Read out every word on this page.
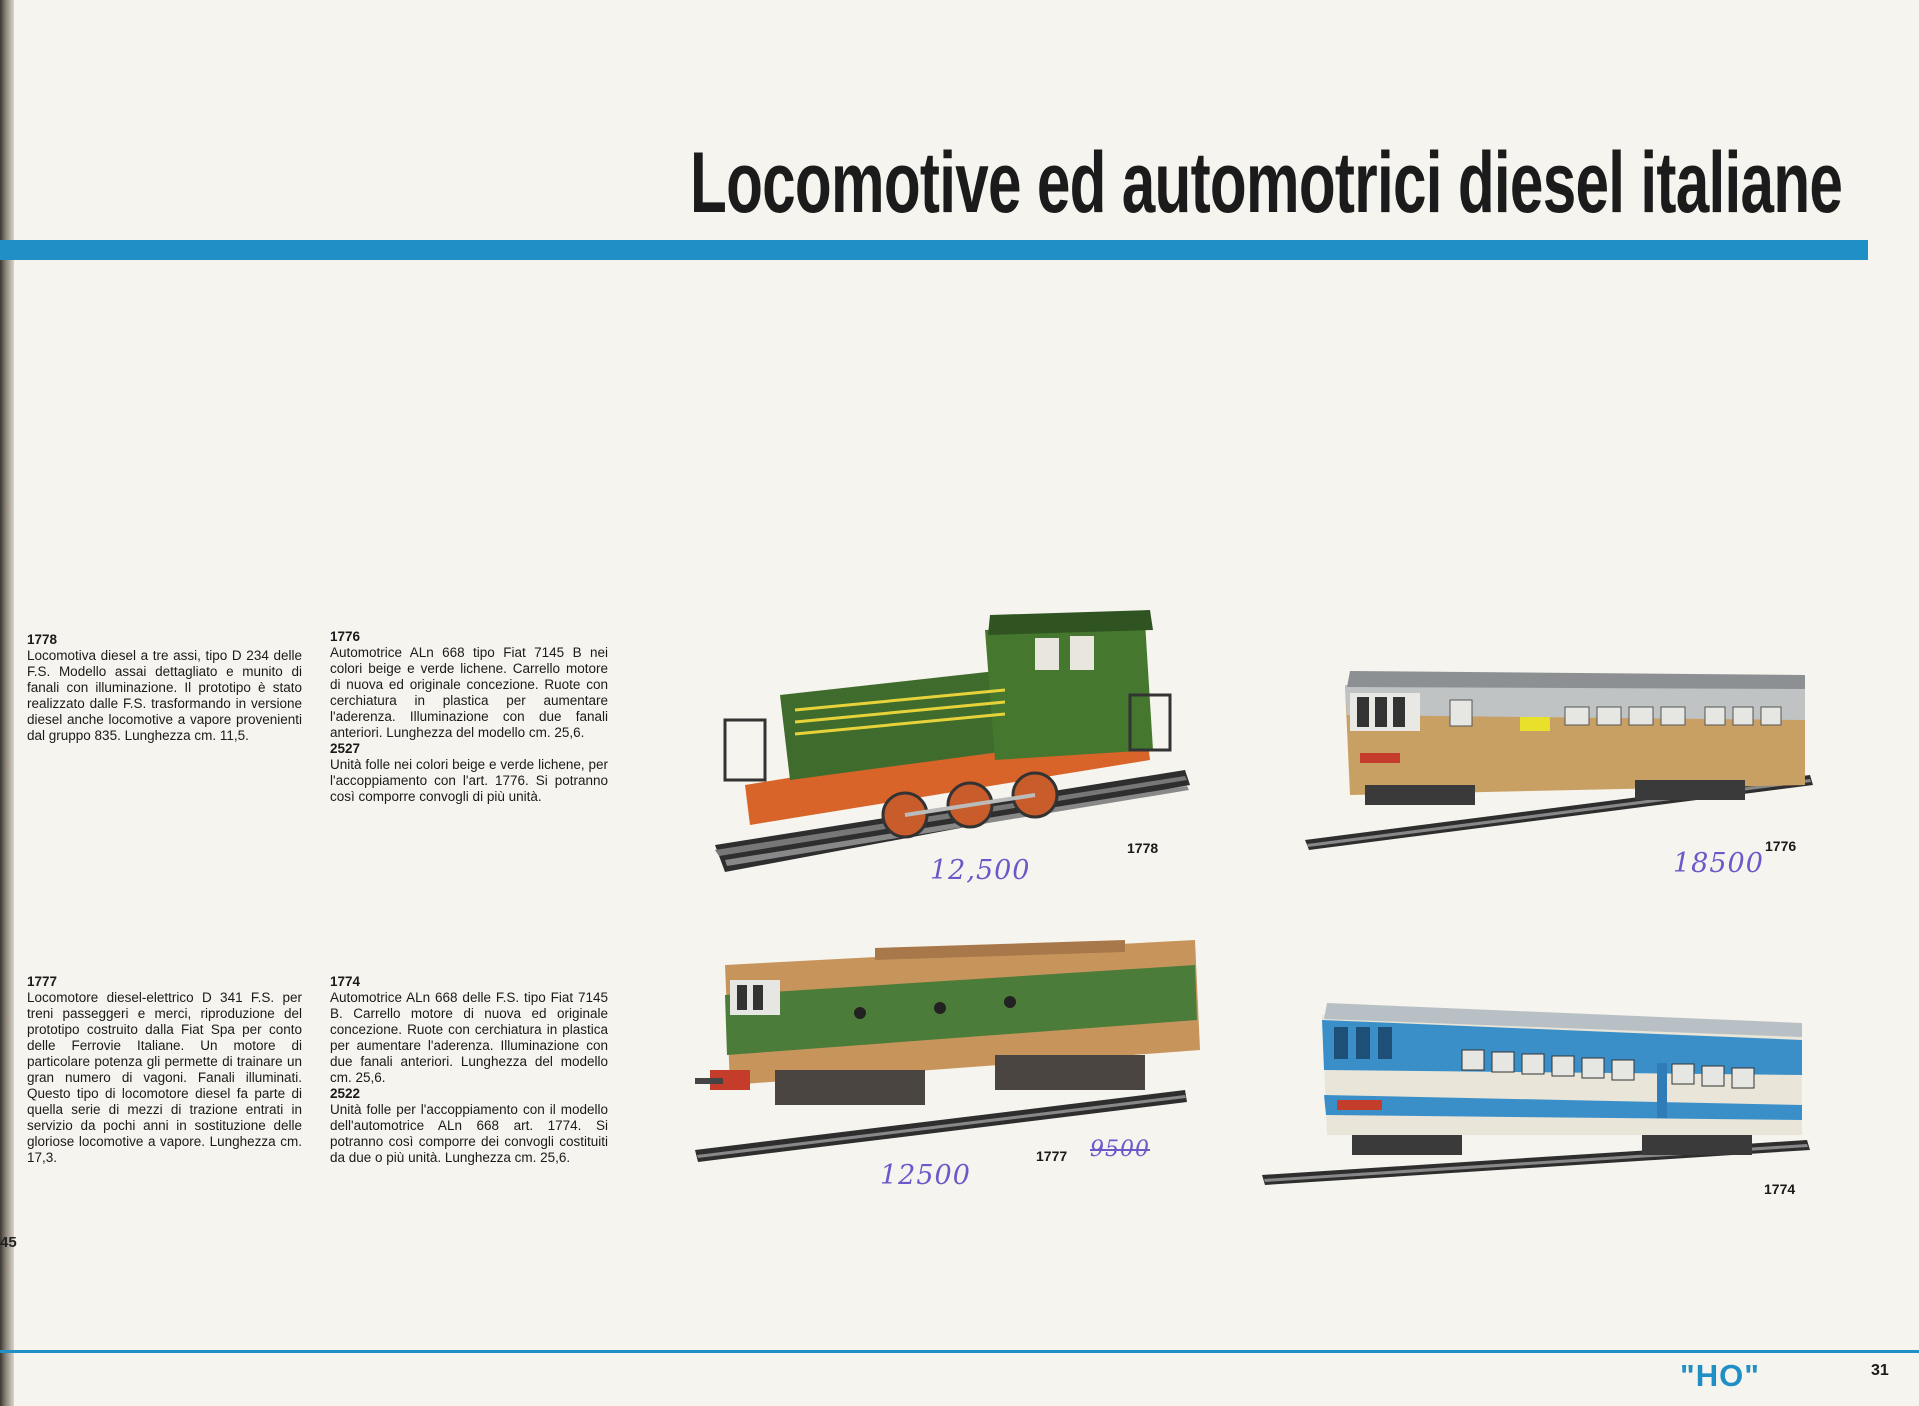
45
Locomotive ed automotrici diesel italiane
1778
Locomotiva diesel a tre assi, tipo D 234 delle F.S. Modello assai dettagliato e munito di fanali con illuminazione. Il prototipo è stato realizzato dalle F.S. trasformando in versione diesel anche locomotive a vapore provenienti dal gruppo 835. Lunghezza cm. 11,5.
1776
Automotrice ALn 668 tipo Fiat 7145 B nei colori beige e verde lichene. Carrello motore di nuova ed originale concezione. Ruote con cerchiatura in plastica per aumentare l'aderenza. Illuminazione con due fanali anteriori. Lunghezza del modello cm. 25,6.
2527
Unità folle nei colori beige e verde lichene, per l'accoppiamento con l'art. 1776. Si potranno così comporre convogli di più unità.
1777
Locomotore diesel-elettrico D 341 F.S. per treni passeggeri e merci, riproduzione del prototipo costruito dalla Fiat Spa per conto delle Ferrovie Italiane. Un motore di particolare potenza gli permette di trainare un gran numero di vagoni. Fanali illuminati. Questo tipo di locomotore diesel fa parte di quella serie di mezzi di trazione entrati in servizio da pochi anni in sostituzione delle gloriose locomotive a vapore. Lunghezza cm. 17,3.
1774
Automotrice ALn 668 delle F.S. tipo Fiat 7145 B. Carrello motore di nuova ed originale concezione. Ruote con cerchiatura in plastica per aumentare l'aderenza. Illuminazione con due fanali anteriori. Lunghezza del modello cm. 25,6.
2522
Unità folle per l'accoppiamento con il modello dell'automotrice ALn 668 art. 1774. Si potranno così comporre dei convogli costituiti da due o più unità. Lunghezza cm. 25,6.
1778
12,500
1776
18500
1777 9500
12500	1774
"HO"	31
